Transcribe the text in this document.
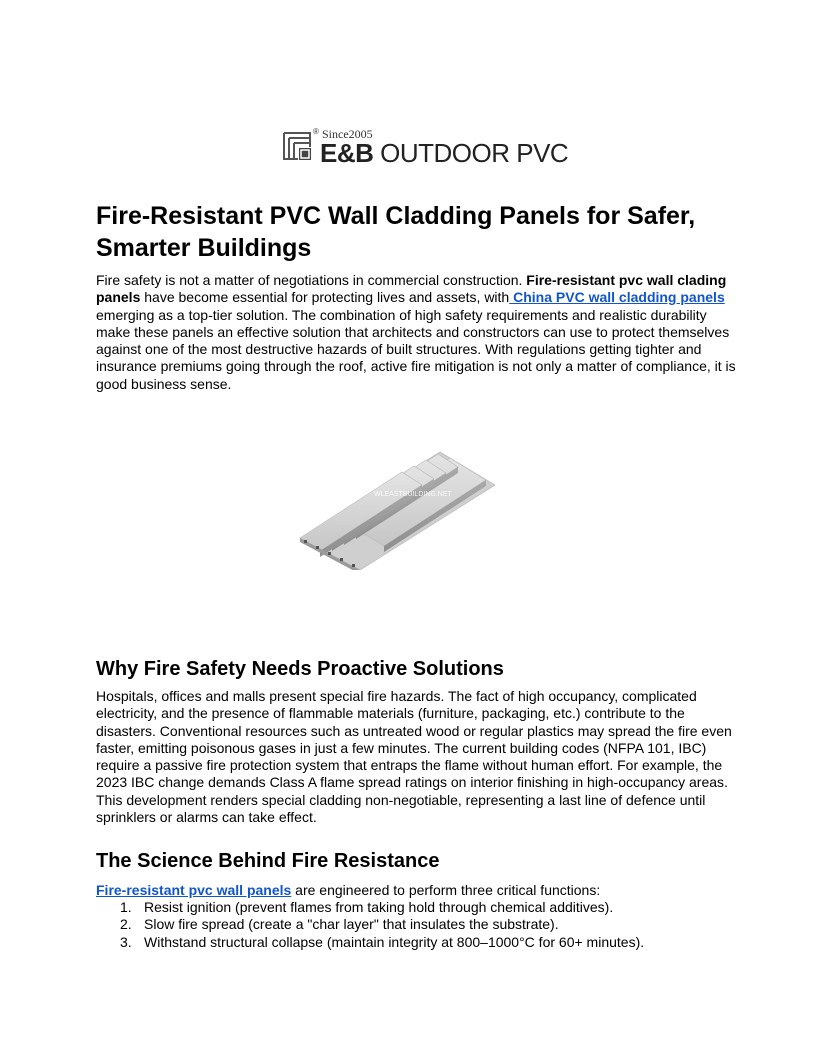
® Since2005
E&B OUTDOOR PVC
Fire-Resistant PVC Wall Cladding Panels for Safer, Smarter Buildings

Fire safety is not a matter of negotiations in commercial construction. Fire-resistant pvc wall clading panels have become essential for protecting lives and assets, with China PVC wall cladding panels emerging as a top-tier solution. The combination of high safety requirements and realistic durability make these panels an effective solution that architects and constructors can use to protect themselves against one of the most destructive hazards of built structures. With regulations getting tighter and insurance premiums going through the roof, active fire mitigation is not only a matter of compliance, it is good business sense.

WLEASTBUILDING.NET
Why Fire Safety Needs Proactive Solutions

Hospitals, offices and malls present special fire hazards. The fact of high occupancy, complicated electricity, and the presence of flammable materials (furniture, packaging, etc.) contribute to the disasters. Conventional resources such as untreated wood or regular plastics may spread the fire even faster, emitting poisonous gases in just a few minutes. The current building codes (NFPA 101, IBC) require a passive fire protection system that entraps the flame without human effort. For example, the 2023 IBC change demands Class A flame spread ratings on interior finishing in high-occupancy areas. This development renders special cladding non-negotiable, representing a last line of defence until sprinklers or alarms can take effect.

The Science Behind Fire Resistance

Fire-resistant pvc wall panels are engineered to perform three critical functions:

1. Resist ignition (prevent flames from taking hold through chemical additives).
2. Slow fire spread (create a "char layer" that insulates the substrate).
3. Withstand structural collapse (maintain integrity at 800–1000°C for 60+ minutes).
